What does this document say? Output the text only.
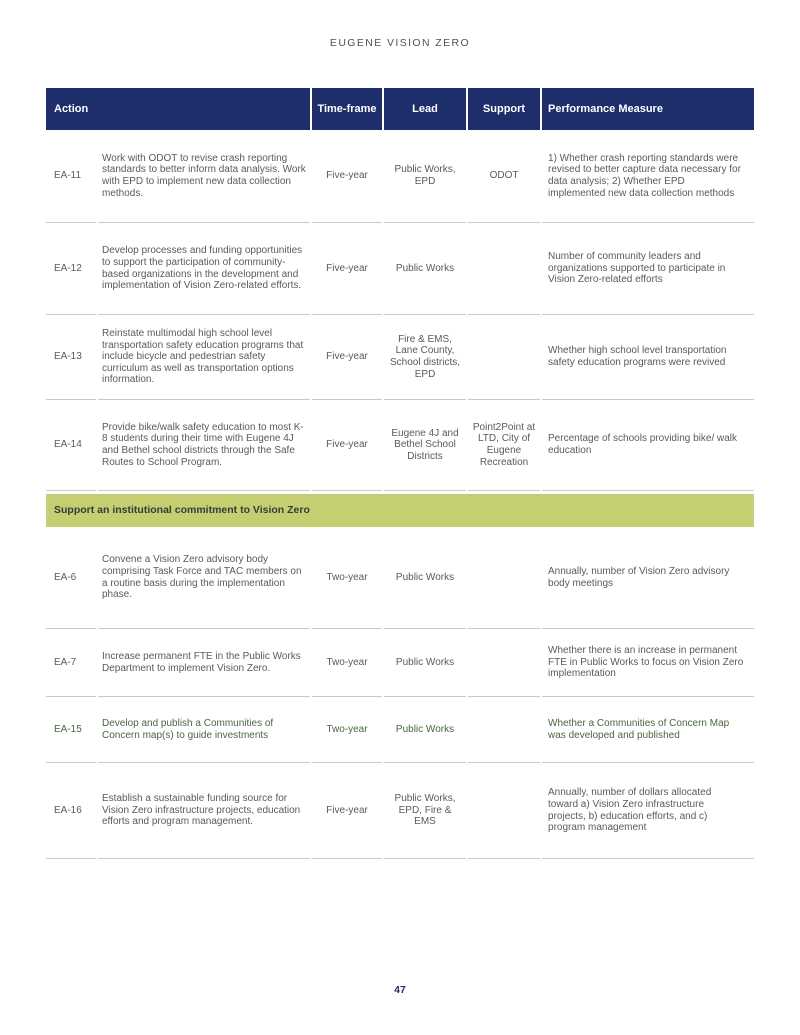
EUGENE VISION ZERO
Action		Time-frame	Lead	Support	Performance Measure
EA-11	Work with ODOT to revise crash reporting standards to better inform data analysis. Work with EPD to implement new data collection methods.	Five-year	Public Works, EPD	ODOT	1) Whether crash reporting standards were revised to better capture data necessary for data analysis; 2) Whether EPD implemented new data collection methods
EA-12	Develop processes and funding opportunities to support the participation of community-based organizations in the development and implementation of Vision Zero-related efforts.	Five-year	Public Works		Number of community leaders and organizations supported to participate in Vision Zero-related efforts
EA-13	Reinstate multimodal high school level transportation safety education programs that include bicycle and pedestrian safety curriculum as well as transportation options information.	Five-year	Fire & EMS, Lane County, School districts, EPD		Whether high school level transportation safety education programs were revived
EA-14	Provide bike/walk safety education to most K-8 students during their time with Eugene 4J and Bethel school districts through the Safe Routes to School Program.	Five-year	Eugene 4J and Bethel School Districts	Point2Point at LTD, City of Eugene Recreation	Percentage of schools providing bike/ walk education
Support an institutional commitment to Vision Zero					
EA-6	Convene a Vision Zero advisory body comprising Task Force and TAC members on a routine basis during the implementation phase.	Two-year	Public Works		Annually, number of Vision Zero advisory body meetings
EA-7	Increase permanent FTE in the Public Works Department to implement Vision Zero.	Two-year	Public Works		Whether there is an increase in permanent FTE in Public Works to focus on Vision Zero implementation
EA-15	Develop and publish a Communities of Concern map(s) to guide investments	Two-year	Public Works		Whether a Communities of Concern Map was developed and published
EA-16	Establish a sustainable funding source for Vision Zero infrastructure projects, education efforts and program management.	Five-year	Public Works, EPD, Fire & EMS		Annually, number of dollars allocated toward a) Vision Zero infrastructure projects, b) education efforts, and c) program management
47
